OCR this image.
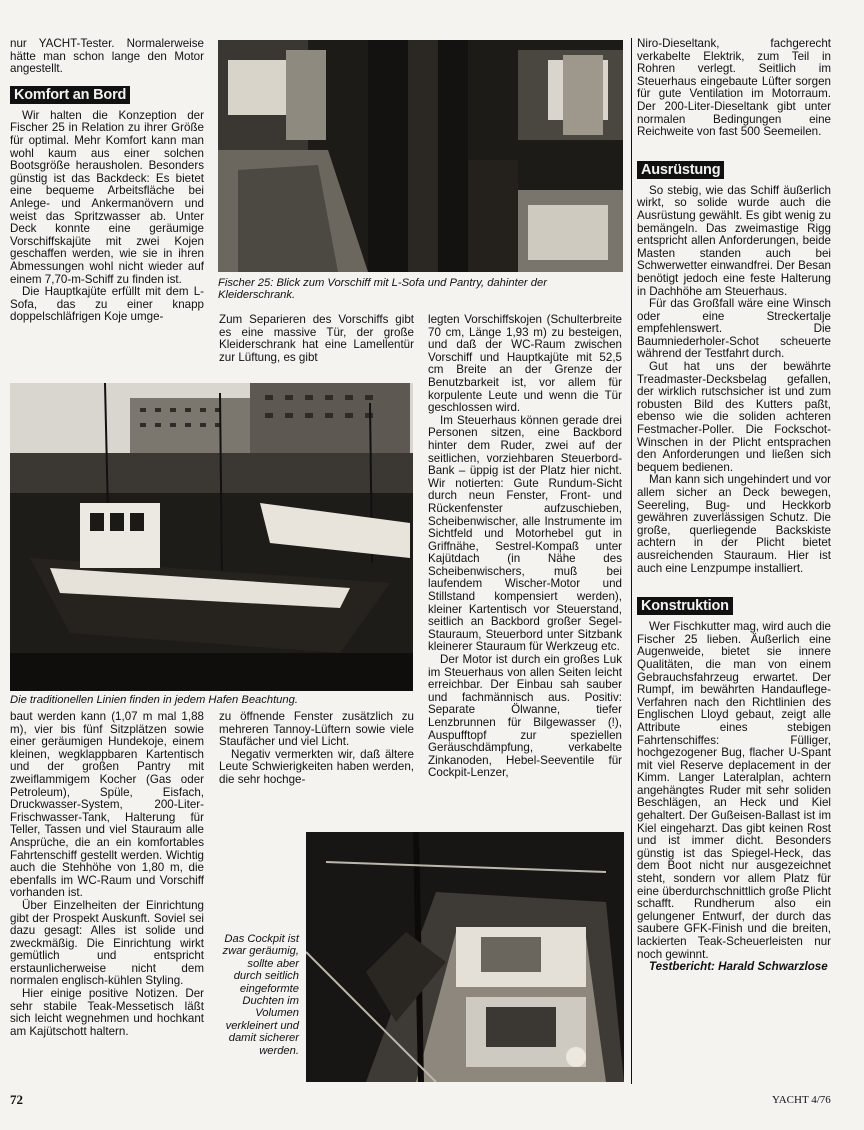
nur YACHT-Tester. Normalerweise hätte man schon lange den Motor angestellt.

Komfort an Bord

Wir halten die Konzeption der Fischer 25 in Relation zu ihrer Größe für optimal. Mehr Komfort kann man wohl kaum aus einer solchen Bootsgröße herausholen. Besonders günstig ist das Backdeck: Es bietet eine bequeme Arbeitsfläche bei Anlege- und Ankermanövern und weist das Spritzwasser ab. Unter Deck konnte eine geräumige Vorschiffskajüte mit zwei Kojen geschaffen werden, wie sie in ihren Abmessungen wohl nicht wieder auf einem 7,70-m-Schiff zu finden ist.

Die Hauptkajüte erfüllt mit dem L-Sofa, das zu einer knapp doppelschläfrigen Koje umge-

Fischer 25: Blick zum Vorschiff mit L-Sofa und Pantry, dahinter der Kleiderschrank.

Zum Separieren des Vorschiffs gibt es eine massive Tür, der große Kleiderschrank hat eine Lamellentür zur Lüftung, es gibt

Die traditionellen Linien finden in jedem Hafen Beachtung.

baut werden kann (1,07 m mal 1,88 m), vier bis fünf Sitzplätzen sowie einer geräumigen Hundekoje, einem kleinen, wegklappbaren Kartentisch und der großen Pantry mit zweiflammigem Kocher (Gas oder Petroleum), Spüle, Eisfach, Druckwasser-System, 200-Liter-Frischwasser-Tank, Halterung für Teller, Tassen und viel Stauraum alle Ansprüche, die an ein komfortables Fahrtenschiff gestellt werden. Wichtig auch die Stehhöhe von 1,80 m, die ebenfalls im WC-Raum und Vorschiff vorhanden ist.

Über Einzelheiten der Einrichtung gibt der Prospekt Auskunft. Soviel sei dazu gesagt: Alles ist solide und zweckmäßig. Die Einrichtung wirkt gemütlich und entspricht erstaunlicherweise nicht dem normalen englisch-kühlen Styling.

Hier einige positive Notizen. Der sehr stabile Teak-Messetisch läßt sich leicht wegnehmen und hochkant am Kajütschott haltern.

zu öffnende Fenster zusätzlich zu mehreren Tannoy-Lüftern sowie viele Staufächer und viel Licht.

Negativ vermerkten wir, daß ältere Leute Schwierigkeiten haben werden, die sehr hochge-

Das Cockpit ist zwar geräumig, sollte aber durch seitlich eingeformte Duchten im Volumen verkleinert und damit sicherer werden.

legten Vorschiffskojen (Schulterbreite 70 cm, Länge 1,93 m) zu besteigen, und daß der WC-Raum zwischen Vorschiff und Hauptkajüte mit 52,5 cm Breite an der Grenze der Benutzbarkeit ist, vor allem für korpulente Leute und wenn die Tür geschlossen wird.

Im Steuerhaus können gerade drei Personen sitzen, eine Backbord hinter dem Ruder, zwei auf der seitlichen, vorziehbaren Steuerbord-Bank – üppig ist der Platz hier nicht. Wir notierten: Gute Rundum-Sicht durch neun Fenster, Front- und Rückenfenster aufzuschieben, Scheibenwischer, alle Instrumente im Sichtfeld und Motorhebel gut in Griffnähe, Sestrel-Kompaß unter Kajütdach (in Nähe des Scheibenwischers, muß bei laufendem Wischer-Motor und Stillstand kompensiert werden), kleiner Kartentisch vor Steuerstand, seitlich an Backbord großer Segel-Stauraum, Steuerbord unter Sitzbank kleinerer Stauraum für Werkzeug etc.

Der Motor ist durch ein großes Luk im Steuerhaus von allen Seiten leicht erreichbar. Der Einbau sah sauber und fachmännisch aus. Positiv: Separate Ölwanne, tiefer Lenzbrunnen für Bilgewasser (!), Auspufftopf zur speziellen Geräuschdämpfung, verkabelte Zinkanoden, Hebel-Seeventile für Cockpit-Lenzer,

Niro-Dieseltank, fachgerecht verkabelte Elektrik, zum Teil in Rohren verlegt. Seitlich im Steuerhaus eingebaute Lüfter sorgen für gute Ventilation im Motorraum. Der 200-Liter-Dieseltank gibt unter normalen Bedingungen eine Reichweite von fast 500 Seemeilen.

Ausrüstung

So stebig, wie das Schiff äußerlich wirkt, so solide wurde auch die Ausrüstung gewählt. Es gibt wenig zu bemängeln. Das zweimastige Rigg entspricht allen Anforderungen, beide Masten standen auch bei Schwerwetter einwandfrei. Der Besan benötigt jedoch eine feste Halterung in Dachhöhe am Steuerhaus.

Für das Großfall wäre eine Winsch oder eine Streckertalje empfehlenswert. Die Baumniederholer-Schot scheuerte während der Testfahrt durch.

Gut hat uns der bewährte Treadmaster-Decksbelag gefallen, der wirklich rutschsicher ist und zum robusten Bild des Kutters paßt, ebenso wie die soliden achteren Festmacher-Poller. Die Fockschot-Winschen in der Plicht entsprachen den Anforderungen und ließen sich bequem bedienen.

Man kann sich ungehindert und vor allem sicher an Deck bewegen, Seereling, Bug- und Heckkorb gewähren zuverlässigen Schutz. Die große, querliegende Backskiste achtern in der Plicht bietet ausreichenden Stauraum. Hier ist auch eine Lenzpumpe installiert.

Konstruktion

Wer Fischkutter mag, wird auch die Fischer 25 lieben. Äußerlich eine Augenweide, bietet sie innere Qualitäten, die man von einem Gebrauchsfahrzeug erwartet. Der Rumpf, im bewährten Handauflege-Verfahren nach den Richtlinien des Englischen Lloyd gebaut, zeigt alle Attribute eines stebigen Fahrtenschiffes: Fülliger, hochgezogener Bug, flacher U-Spant mit viel Reserve deplacement in der Kimm. Langer Lateralplan, achtern angehängtes Ruder mit sehr soliden Beschlägen, an Heck und Kiel gehaltert. Der Gußeisen-Ballast ist im Kiel eingeharzt. Das gibt keinen Rost und ist immer dicht. Besonders günstig ist das Spiegel-Heck, das dem Boot nicht nur ausgezeichnet steht, sondern vor allem Platz für eine überdurchschnittlich große Plicht schafft. Rundherum also ein gelungener Entwurf, der durch das saubere GFK-Finish und die breiten, lackierten Teak-Scheuerleisten nur noch gewinnt.

Testbericht: Harald Schwarzlose

72	YACHT 4/76
